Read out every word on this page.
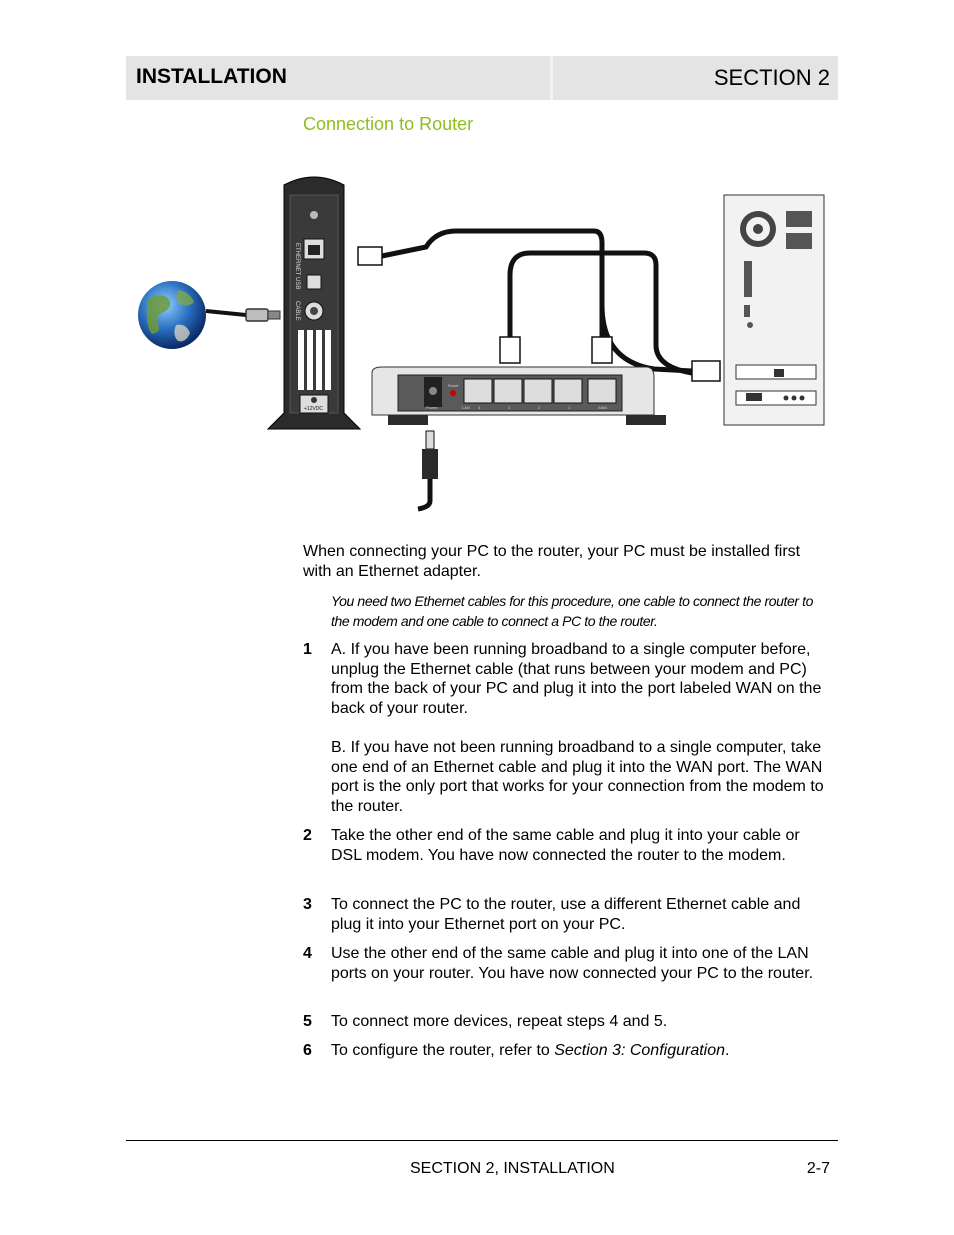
INSTALLATION	SECTION 2
Connection to Router
ETHERNET
USB
CABLE
+12VDC	Power
Reset
LAN 4	3	2	1	WAN
When connecting your PC to the router, your PC must be installed first with an Ethernet adapter.
You need two Ethernet cables for this procedure, one cable to connect the router to the modem and one cable to connect a PC to the router.
1 A. If you have been running broadband to a single computer before, unplug the Ethernet cable (that runs between your modem and PC) from the back of your PC and plug it into the port labeled WAN on the back of your router.
B. If you have not been running broadband to a single computer, take one end of an Ethernet cable and plug it into the WAN port. The WAN port is the only port that works for your connection from the modem to the router.
2 Take the other end of the same cable and plug it into your cable or DSL modem. You have now connected the router to the modem.
3 To connect the PC to the router, use a different Ethernet cable and plug it into your Ethernet port on your PC.
4 Use the other end of the same cable and plug it into one of the LAN ports on your router. You have now connected your PC to the router.
5 To connect more devices, repeat steps 4 and 5.
6 To configure the router, refer to Section 3: Configuration.
SECTION 2, INSTALLATION	2-7
